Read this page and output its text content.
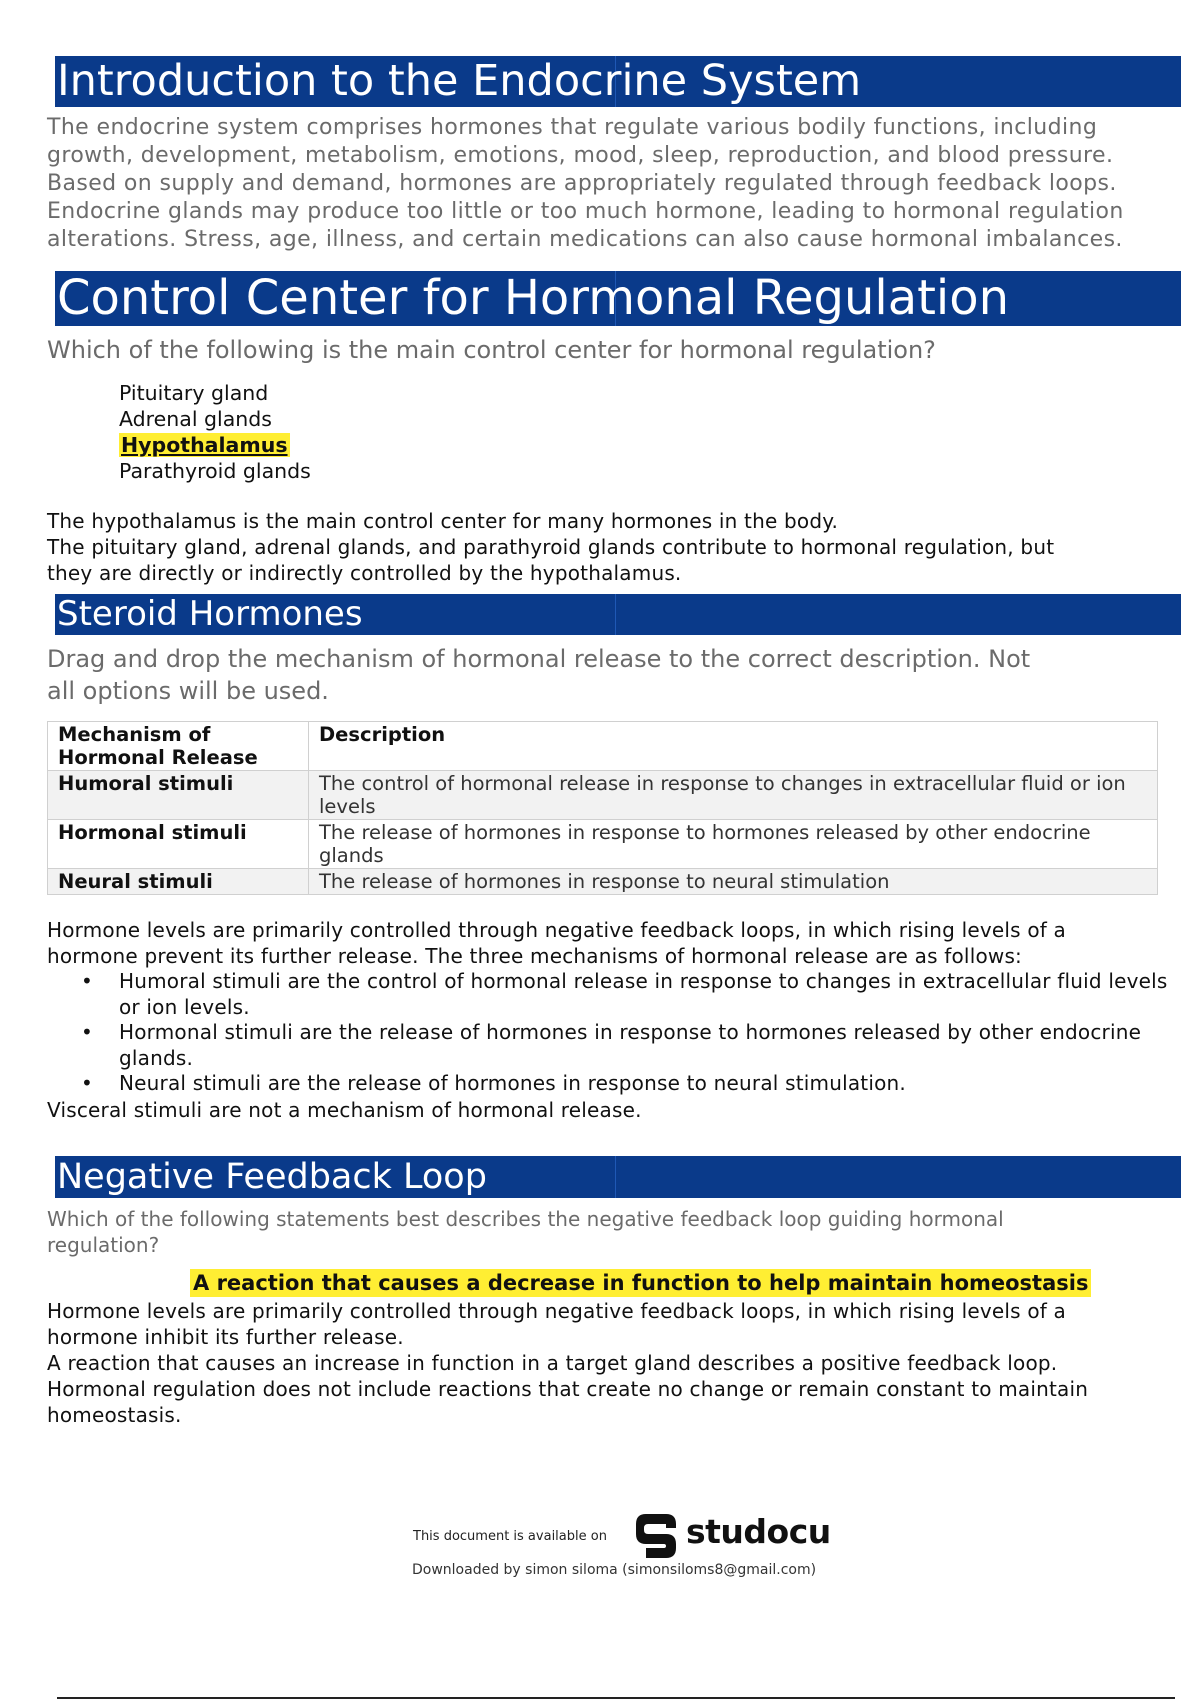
Introduction to the Endocrine System
The endocrine system comprises hormones that regulate various bodily functions, including
growth, development, metabolism, emotions, mood, sleep, reproduction, and blood pressure.
Based on supply and demand, hormones are appropriately regulated through feedback loops.
Endocrine glands may produce too little or too much hormone, leading to hormonal regulation
alterations. Stress, age, illness, and certain medications can also cause hormonal imbalances.
Control Center for Hormonal Regulation
Which of the following is the main control center for hormonal regulation?
Pituitary gland
Adrenal glands
Hypothalamus
Parathyroid glands
The hypothalamus is the main control center for many hormones in the body.
The pituitary gland, adrenal glands, and parathyroid glands contribute to hormonal regulation, but
they are directly or indirectly controlled by the hypothalamus.
Steroid Hormones
Drag and drop the mechanism of hormonal release to the correct description. Not
all options will be used.
Mechanism of Hormonal Release	Description
Humoral stimuli	The control of hormonal release in response to changes in extracellular fluid or ion levels
Hormonal stimuli	The release of hormones in response to hormones released by other endocrine glands
Neural stimuli	The release of hormones in response to neural stimulation
Hormone levels are primarily controlled through negative feedback loops, in which rising levels of a
hormone prevent its further release. The three mechanisms of hormonal release are as follows:
• Humoral stimuli are the control of hormonal release in response to changes in extracellular fluid levels or ion levels.
• Hormonal stimuli are the release of hormones in response to hormones released by other endocrine glands.
• Neural stimuli are the release of hormones in response to neural stimulation.
Visceral stimuli are not a mechanism of hormonal release.
Negative Feedback Loop
Which of the following statements best describes the negative feedback loop guiding hormonal
regulation?
A reaction that causes a decrease in function to help maintain homeostasis
Hormone levels are primarily controlled through negative feedback loops, in which rising levels of a
hormone inhibit its further release.
A reaction that causes an increase in function in a target gland describes a positive feedback loop.
Hormonal regulation does not include reactions that create no change or remain constant to maintain
homeostasis.
This document is available on studocu
Downloaded by simon siloma (simonsiloms8@gmail.com)
